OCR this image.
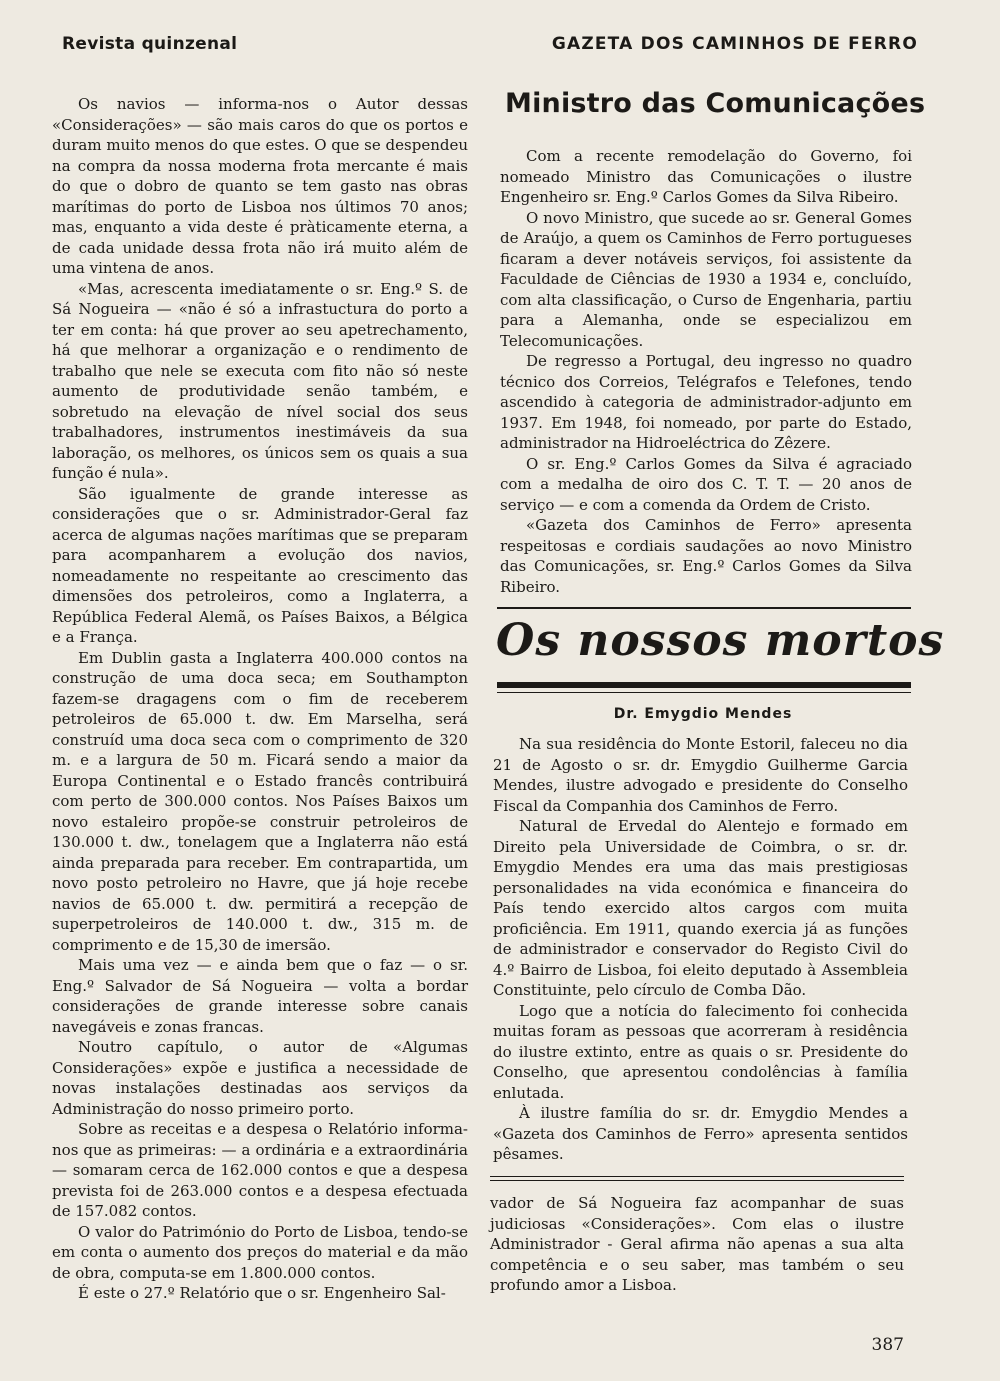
Revista quinzenal	GAZETA DOS CAMINHOS DE FERRO

Os navios — informa-nos o Autor dessas «Considerações» — são mais caros do que os portos e duram muito menos do que estes. O que se despendeu na compra da nossa moderna frota mercante é mais do que o dobro de quanto se tem gasto nas obras marítimas do porto de Lisboa nos últimos 70 anos; mas, enquanto a vida deste é pràticamente eterna, a de cada unidade dessa frota não irá muito além de uma vintena de anos.

«Mas, acrescenta imediatamente o sr. Eng.º S. de Sá Nogueira — «não é só a infrastuctura do porto a ter em conta: há que prover ao seu apetrechamento, há que melhorar a organização e o rendimento de trabalho que nele se executa com fito não só neste aumento de produtividade senão também, e sobretudo na elevação de nível social dos seus trabalhadores, instrumentos inestimáveis da sua laboração, os melhores, os únicos sem os quais a sua função é nula».

São igualmente de grande interesse as considerações que o sr. Administrador-Geral faz acerca de algumas nações marítimas que se preparam para acompanharem a evolução dos navios, nomeadamente no respeitante ao crescimento das dimensões dos petroleiros, como a Inglaterra, a República Federal Alemã, os Países Baixos, a Bélgica e a França.

Em Dublin gasta a Inglaterra 400.000 contos na construção de uma doca seca; em Southampton fazem-se dragagens com o fim de receberem petroleiros de 65.000 t. dw. Em Marselha, será construíd uma doca seca com o comprimento de 320 m. e a largura de 50 m. Ficará sendo a maior da Europa Continental e o Estado francês contribuirá com perto de 300.000 contos. Nos Países Baixos um novo estaleiro propõe-se construir petroleiros de 130.000 t. dw., tonelagem que a Inglaterra não está ainda preparada para receber. Em contrapartida, um novo posto petroleiro no Havre, que já hoje recebe navios de 65.000 t. dw. permitirá a recepção de superpetroleiros de 140.000 t. dw., 315 m. de comprimento e de 15,30 de imersão.

Mais uma vez — e ainda bem que o faz — o sr. Eng.º Salvador de Sá Nogueira — volta a bordar considerações de grande interesse sobre canais navegáveis e zonas francas.

Noutro capítulo, o autor de «Algumas Considerações» expõe e justifica a necessidade de novas instalações destinadas aos serviços da Administração do nosso primeiro porto.

Sobre as receitas e a despesa o Relatório informa-nos que as primeiras: — a ordinária e a extraordinária — somaram cerca de 162.000 contos e que a despesa prevista foi de 263.000 contos e a despesa efectuada de 157.082 contos.

O valor do Património do Porto de Lisboa, tendo-se em conta o aumento dos preços do material e da mão de obra, computa-se em 1.800.000 contos.

É este o 27.º Relatório que o sr. Engenheiro Sal-

Ministro das Comunicações

Com a recente remodelação do Governo, foi nomeado Ministro das Comunicações o ilustre Engenheiro sr. Eng.º Carlos Gomes da Silva Ribeiro.

O novo Ministro, que sucede ao sr. General Gomes de Araújo, a quem os Caminhos de Ferro portugueses ficaram a dever notáveis serviços, foi assistente da Faculdade de Ciências de 1930 a 1934 e, concluído, com alta classificação, o Curso de Engenharia, partiu para a Alemanha, onde se especializou em Telecomunicações.

De regresso a Portugal, deu ingresso no quadro técnico dos Correios, Telégrafos e Telefones, tendo ascendido à categoria de administrador-adjunto em 1937. Em 1948, foi nomeado, por parte do Estado, administrador na Hidroeléctrica do Zêzere.

O sr. Eng.º Carlos Gomes da Silva é agraciado com a medalha de oiro dos C. T. T. — 20 anos de serviço — e com a comenda da Ordem de Cristo.

«Gazeta dos Caminhos de Ferro» apresenta respeitosas e cordiais saudações ao novo Ministro das Comunicações, sr. Eng.º Carlos Gomes da Silva Ribeiro.

Os nossos mortos
Dr. Emygdio Mendes

Na sua residência do Monte Estoril, faleceu no dia 21 de Agosto o sr. dr. Emygdio Guilherme Garcia Mendes, ilustre advogado e presidente do Conselho Fiscal da Companhia dos Caminhos de Ferro.

Natural de Ervedal do Alentejo e formado em Direito pela Universidade de Coimbra, o sr. dr. Emygdio Mendes era uma das mais prestigiosas personalidades na vida económica e financeira do País tendo exercido altos cargos com muita proficiência. Em 1911, quando exercia já as funções de administrador e conservador do Registo Civil do 4.º Bairro de Lisboa, foi eleito deputado à Assembleia Constituinte, pelo círculo de Comba Dão.

Logo que a notícia do falecimento foi conhecida muitas foram as pessoas que acorreram à residência do ilustre extinto, entre as quais o sr. Presidente do Conselho, que apresentou condolências à família enlutada.

À ilustre família do sr. dr. Emygdio Mendes a «Gazeta dos Caminhos de Ferro» apresenta sentidos pêsames.

vador de Sá Nogueira faz acompanhar de suas judiciosas «Considerações». Com elas o ilustre Administrador - Geral afirma não apenas a sua alta competência e o seu saber, mas também o seu profundo amor a Lisboa.

387
